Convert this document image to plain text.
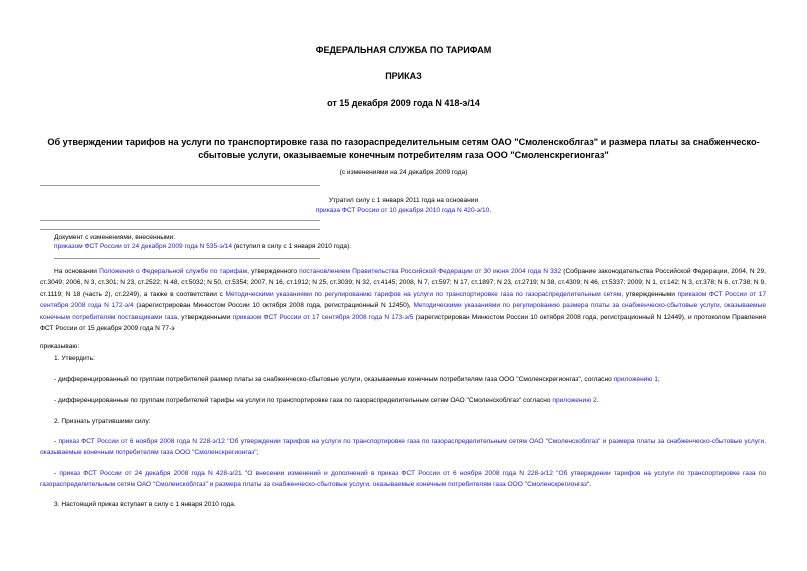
ФЕДЕРАЛЬНАЯ СЛУЖБА ПО ТАРИФАМ
ПРИКАЗ
от 15 декабря 2009 года N 418-э/14
Об утверждении тарифов на услуги по транспортировке газа по газораспределительным сетям ОАО "Смоленскоблгаз" и размера платы за снабженческо-
сбытовые услуги, оказываемые конечным потребителям газа ООО "Смоленскрегионгаз"
(с изменениями на 24 декабря 2009 года)
Утратил силу с 1 января 2011 года на основании
приказа ФСТ России от 10 декабря 2010 года N 420-э/10.
Документ с изменениями, внесенными:
приказом ФСТ России от 24 декабря 2009 года N 535-э/14 (вступил в силу с 1 января 2010 года).
На основании Положения о Федеральной службе по тарифам, утвержденного постановлением Правительства Российской Федерации от 30 июня 2004 года N 332 (Собрание законодательства Российской Федерации, 2004, N 29, ст.3049; 2006, N 3, ст.301; N 23, ст.2522; N 48, ст.5032; N 50, ст.5354; 2007, N 16, ст.1912; N 25, ст.3039; N 32, ст.4145; 2008, N 7, ст.597; N 17, ст.1897; N 23, ст.2719; N 38, ст.4309; N 46, ст.5337; 2009; N 1, ст.142; N 3, ст.378; N 6, ст.738; N 9, ст.1119; N 18 (часть 2), ст.2249), а также в соответствии с Методическими указаниями по регулированию тарифов на услуги по транспортировке газа по газораспределительным сетям, утвержденными приказом ФСТ России от 17 сентября 2008 года N 172-э/4 (зарегистрирован Минюстом России 10 октября 2008 года, регистрационный N 12450), Методическими указаниями по регулированию размера платы за снабженческо-сбытовые услуги, оказываемые конечным потребителям поставщиками газа, утвержденными приказом ФСТ России от 17 сентября 2008 года N 173-э/5 (зарегистрирован Минюстом России 10 октября 2008 года, регистрационный N 12449), и протоколом Правления ФСТ России от 15 декабря 2009 года N 77-э
приказываю:
1. Утвердить:
- дифференцированный по группам потребителей размер платы за снабженческо-сбытовые услуги, оказываемые конечным потребителям газа ООО "Смоленскрегионгаз", согласно приложению 1;
- дифференцированные по группам потребителей тарифы на услуги по транспортировке газа по газораспределительным сетям ОАО "Смоленскоблгаз" согласно приложению 2.
2. Признать утратившими силу:
- приказ ФСТ России от 6 ноября 2008 года N 228-э/12 "Об утверждении тарифов на услуги по транспортировке газа по газораспределительным сетям ОАО "Смоленскоблгаз" и размера платы за снабженческо-сбытовые услуги, оказываемые конечным потребителям газа ООО "Смоленскрегионгаз";
- приказ ФСТ России от 24 декабря 2008 года N 428-э/21 "О внесении изменений и дополнений в приказ ФСТ России от 6 ноября 2008 года N 228-э/12 "Об утверждении тарифов на услуги по транспортировке газа по газораспределительным сетям ОАО "Смоленскоблгаз" и размера платы за снабженческо-сбытовые услуги, оказываемые конечным потребителям газа ООО "Смоленскрегионгаз".
3. Настоящий приказ вступает в силу с 1 января 2010 года.
